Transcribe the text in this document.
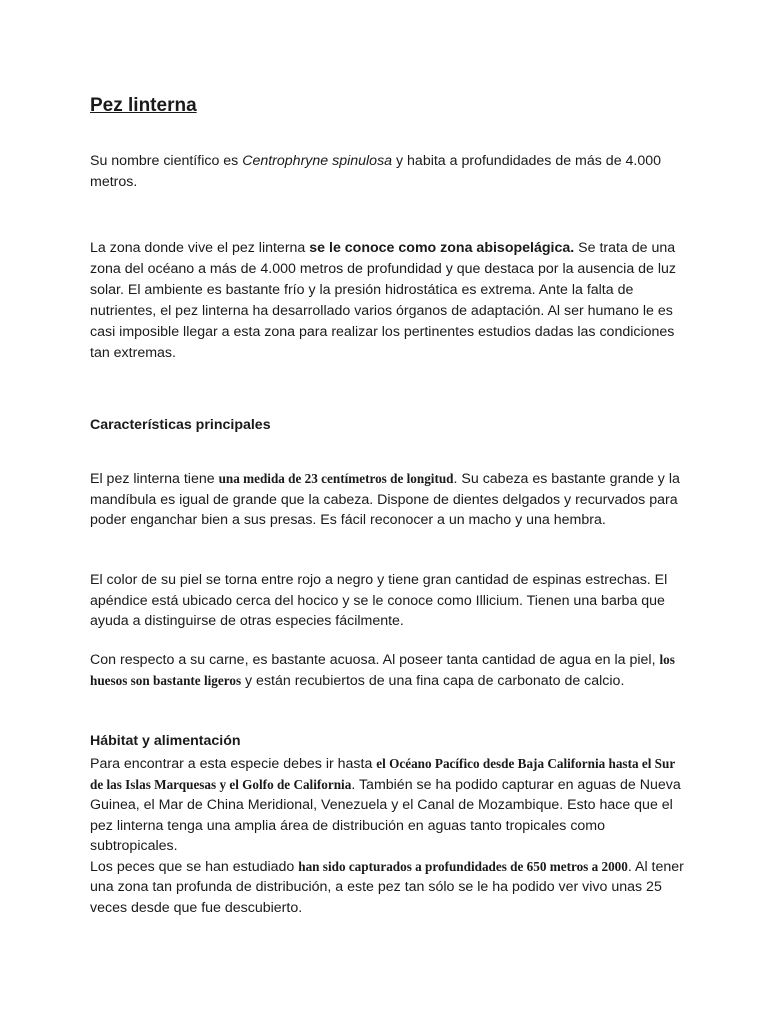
Pez linterna

Su nombre científico es Centrophryne spinulosa y habita a profundidades de más de 4.000 metros.

La zona donde vive el pez linterna se le conoce como zona abisopelágica. Se trata de una zona del océano a más de 4.000 metros de profundidad y que destaca por la ausencia de luz solar. El ambiente es bastante frío y la presión hidrostática es extrema. Ante la falta de nutrientes, el pez linterna ha desarrollado varios órganos de adaptación. Al ser humano le es casi imposible llegar a esta zona para realizar los pertinentes estudios dadas las condiciones tan extremas.

Características principales

El pez linterna tiene una medida de 23 centímetros de longitud. Su cabeza es bastante grande y la mandíbula es igual de grande que la cabeza. Dispone de dientes delgados y recurvados para poder enganchar bien a sus presas. Es fácil reconocer a un macho y una hembra.

El color de su piel se torna entre rojo a negro y tiene gran cantidad de espinas estrechas. El apéndice está ubicado cerca del hocico y se le conoce como Illicium. Tienen una barba que ayuda a distinguirse de otras especies fácilmente.

Con respecto a su carne, es bastante acuosa. Al poseer tanta cantidad de agua en la piel, los huesos son bastante ligeros y están recubiertos de una fina capa de carbonato de calcio.

Hábitat y alimentación

Para encontrar a esta especie debes ir hasta el Océano Pacífico desde Baja California hasta el Sur de las Islas Marquesas y el Golfo de California. También se ha podido capturar en aguas de Nueva Guinea, el Mar de China Meridional, Venezuela y el Canal de Mozambique. Esto hace que el pez linterna tenga una amplia área de distribución en aguas tanto tropicales como subtropicales.
Los peces que se han estudiado han sido capturados a profundidades de 650 metros a 2000. Al tener una zona tan profunda de distribución, a este pez tan sólo se le ha podido ver vivo unas 25 veces desde que fue descubierto.
